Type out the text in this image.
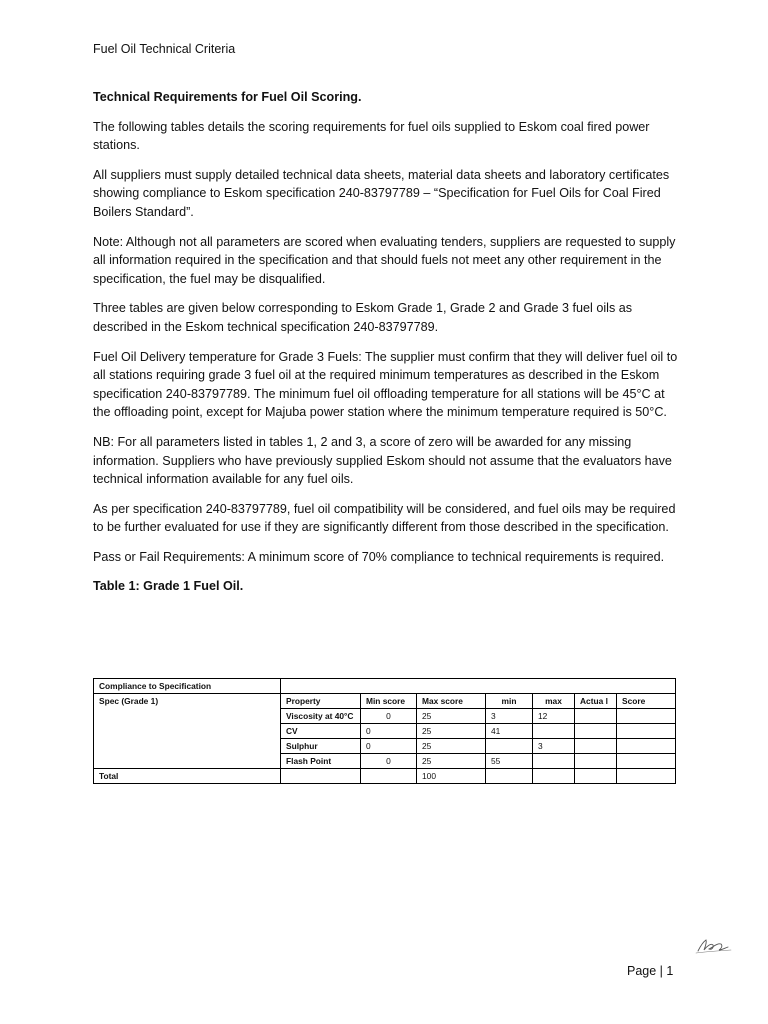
Fuel Oil Technical Criteria

Technical Requirements for Fuel Oil Scoring.

The following tables details the scoring requirements for fuel oils supplied to Eskom coal fired power stations.

All suppliers must supply detailed technical data sheets, material data sheets and laboratory certificates showing compliance to Eskom specification 240-83797789 – “Specification for Fuel Oils for Coal Fired Boilers Standard”.

Note: Although not all parameters are scored when evaluating tenders, suppliers are requested to supply all information required in the specification and that should fuels not meet any other requirement in the specification, the fuel may be disqualified.

Three tables are given below corresponding to Eskom Grade 1, Grade 2 and Grade 3 fuel oils as described in the Eskom technical specification 240-83797789.

Fuel Oil Delivery temperature for Grade 3 Fuels: The supplier must confirm that they will deliver fuel oil to all stations requiring grade 3 fuel oil at the required minimum temperatures as described in the Eskom specification 240-83797789. The minimum fuel oil offloading temperature for all stations will be 45°C at the offloading point, except for Majuba power station where the minimum temperature required is 50°C.

NB: For all parameters listed in tables 1, 2 and 3, a score of zero will be awarded for any missing information. Suppliers who have previously supplied Eskom should not assume that the evaluators have technical information available for any fuel oils.

As per specification 240-83797789, fuel oil compatibility will be considered, and fuel oils may be required to be further evaluated for use if they are significantly different from those described in the specification.

Pass or Fail Requirements: A minimum score of 70% compliance to technical requirements is required.

Table 1: Grade 1 Fuel Oil.

Compliance to Specification							
Spec (Grade 1)	Property	Min score	Max score	min	max	Actua l	Score
	Viscosity at 40°C	0	25	3	12		
	CV	0	25	41			
	Sulphur	0	25		3		
	Flash Point	0	25	55			
Total			100				
Page | 1
